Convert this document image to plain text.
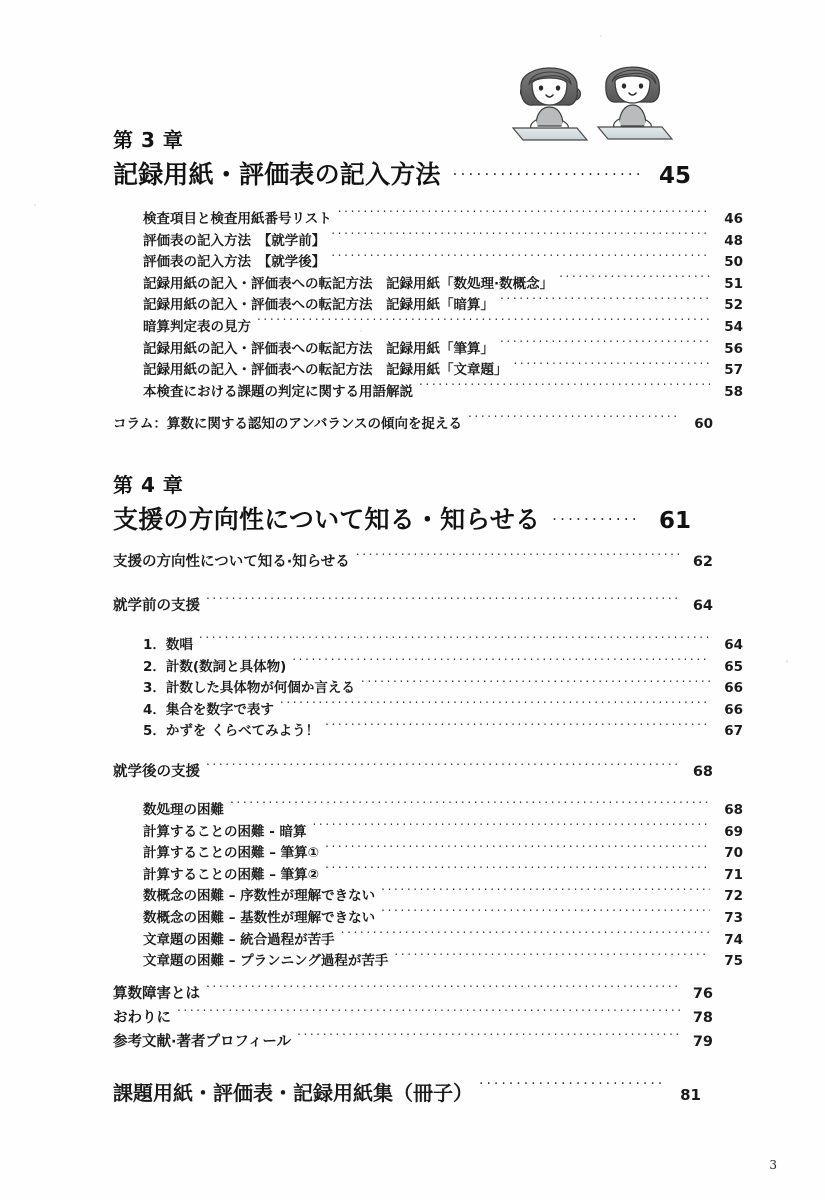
第 3 章
記録用紙・評価表の記入方法 .....	45
検査項目と検査用紙番号リスト .....	46
評価表の記入方法　【就学前】 .....	48
評価表の記入方法　【就学後】 .....	50
記録用紙の記入・評価表への転記方法　記録用紙「数処理·数概念」 .....	51
記録用紙の記入・評価表への転記方法　記録用紙「暗算」 .....	52
暗算判定表の見方 .....	54
記録用紙の記入・評価表への転記方法　記録用紙「筆算」 .....	56
記録用紙の記入・評価表への転記方法　記録用紙「文章題」 .....	57
本検査における課題の判定に関する用語解説 .....	58
コラム：算数に関する認知のアンバランスの傾向を捉える .....	60
第 4 章
支援の方向性について知る・知らせる .....	61
支援の方向性について知る·知らせる .....	62
就学前の支援 .....	64
1．数唱 .....	64
2．計数(数詞と具体物) .....	65
3．計数した具体物が何個か言える .....	66
4．集合を数字で表す .....	66
5．かずを くらべてみよう！ .....	67
就学後の支援 .....	68
数処理の困難 .....	68
計算することの困難 - 暗算 .....	69
計算することの困難 – 筆算① .....	70
計算することの困難 – 筆算② .....	71
数概念の困難 – 序数性が理解できない .....	72
数概念の困難 – 基数性が理解できない .....	73
文章題の困難 – 統合過程が苦手 .....	74
文章題の困難 – プランニング過程が苦手 .....	75
算数障害とは .....	76
おわりに .....	78
参考文献·著者プロフィール .....	79
課題用紙・評価表・記録用紙集（冊子） .....	81
3
